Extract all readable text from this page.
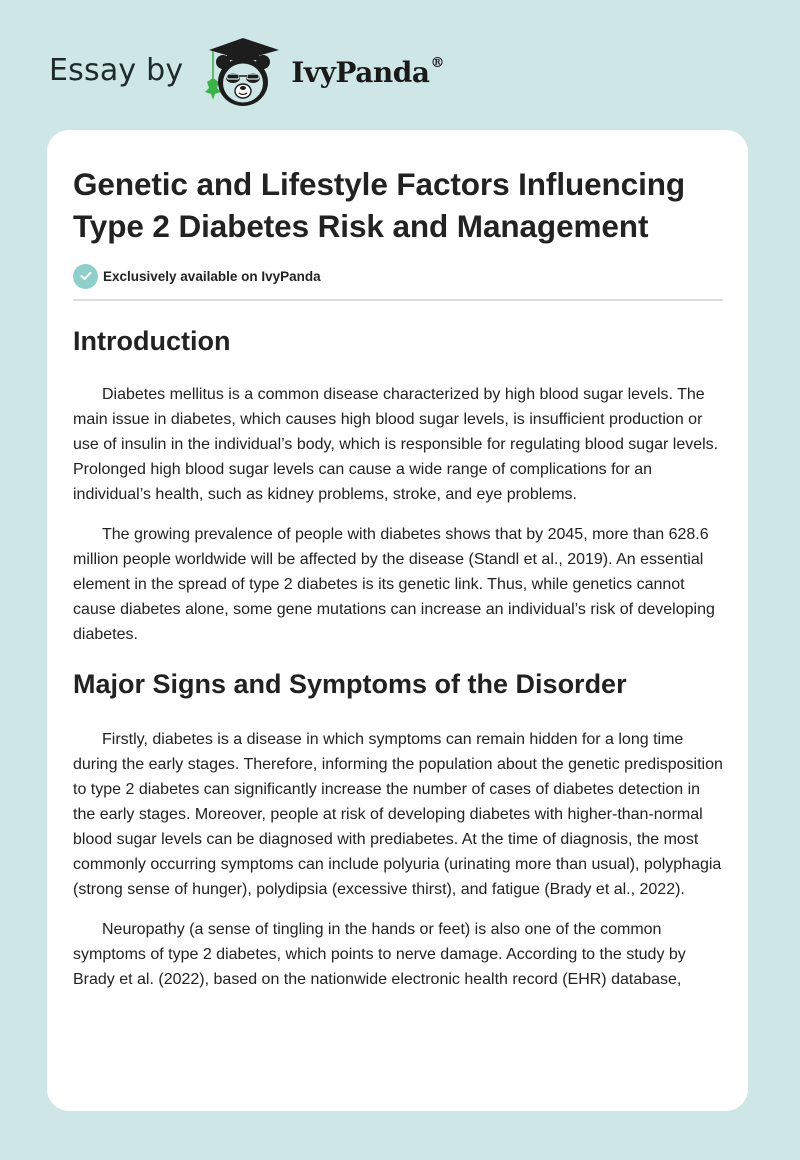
Essay by	IvyPanda®
Genetic and Lifestyle Factors Influencing Type 2 Diabetes Risk and Management
Exclusively available on IvyPanda
Introduction

Diabetes mellitus is a common disease characterized by high blood sugar levels. The main issue in diabetes, which causes high blood sugar levels, is insufficient production or use of insulin in the individual’s body, which is responsible for regulating blood sugar levels. Prolonged high blood sugar levels can cause a wide range of complications for an individual’s health, such as kidney problems, stroke, and eye problems.

The growing prevalence of people with diabetes shows that by 2045, more than 628.6 million people worldwide will be affected by the disease (Standl et al., 2019). An essential element in the spread of type 2 diabetes is its genetic link. Thus, while genetics cannot cause diabetes alone, some gene mutations can increase an individual’s risk of developing diabetes.

Major Signs and Symptoms of the Disorder

Firstly, diabetes is a disease in which symptoms can remain hidden for a long time during the early stages. Therefore, informing the population about the genetic predisposition to type 2 diabetes can significantly increase the number of cases of diabetes detection in the early stages. Moreover, people at risk of developing diabetes with higher-than-normal blood sugar levels can be diagnosed with prediabetes. At the time of diagnosis, the most commonly occurring symptoms can include polyuria (urinating more than usual), polyphagia (strong sense of hunger), polydipsia (excessive thirst), and fatigue (Brady et al., 2022).

Neuropathy (a sense of tingling in the hands or feet) is also one of the common symptoms of type 2 diabetes, which points to nerve damage. According to the study by Brady et al. (2022), based on the nationwide electronic health record (EHR) database,
